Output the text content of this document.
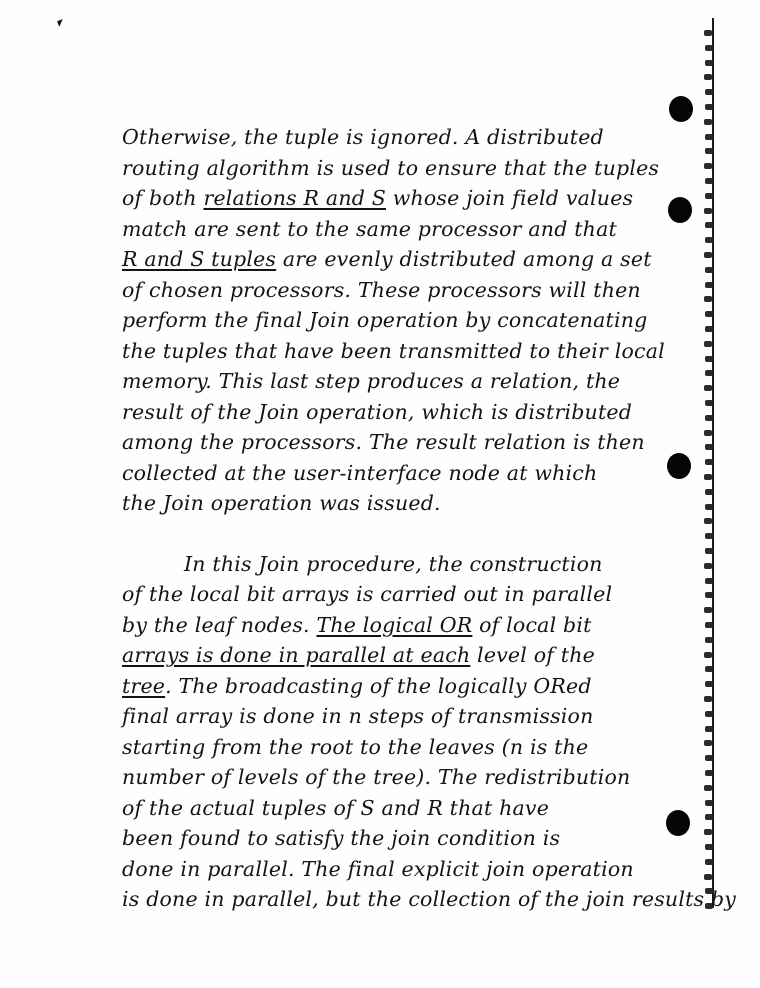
Otherwise, the tuple is ignored. A distributed
routing algorithm is used to ensure that the tuples
of both relations R and S whose join field values
match are sent to the same processor and that
R and S tuples are evenly distributed among a set
of chosen processors. These processors will then
perform the final Join operation by concatenating
the tuples that have been transmitted to their local
memory. This last step produces a relation, the
result of the Join operation, which is distributed
among the processors. The result relation is then
collected at the user-interface node at which
the Join operation was issued.
In this Join procedure, the construction
of the local bit arrays is carried out in parallel
by the leaf nodes. The logical OR of local bit
arrays is done in parallel at each level of the
tree. The broadcasting of the logically ORed
final array is done in n steps of transmission
starting from the root to the leaves (n is the
number of levels of the tree). The redistribution
of the actual tuples of S and R that have
been found to satisfy the join condition is
done in parallel. The final explicit join operation
is done in parallel, but the collection of the join results by
